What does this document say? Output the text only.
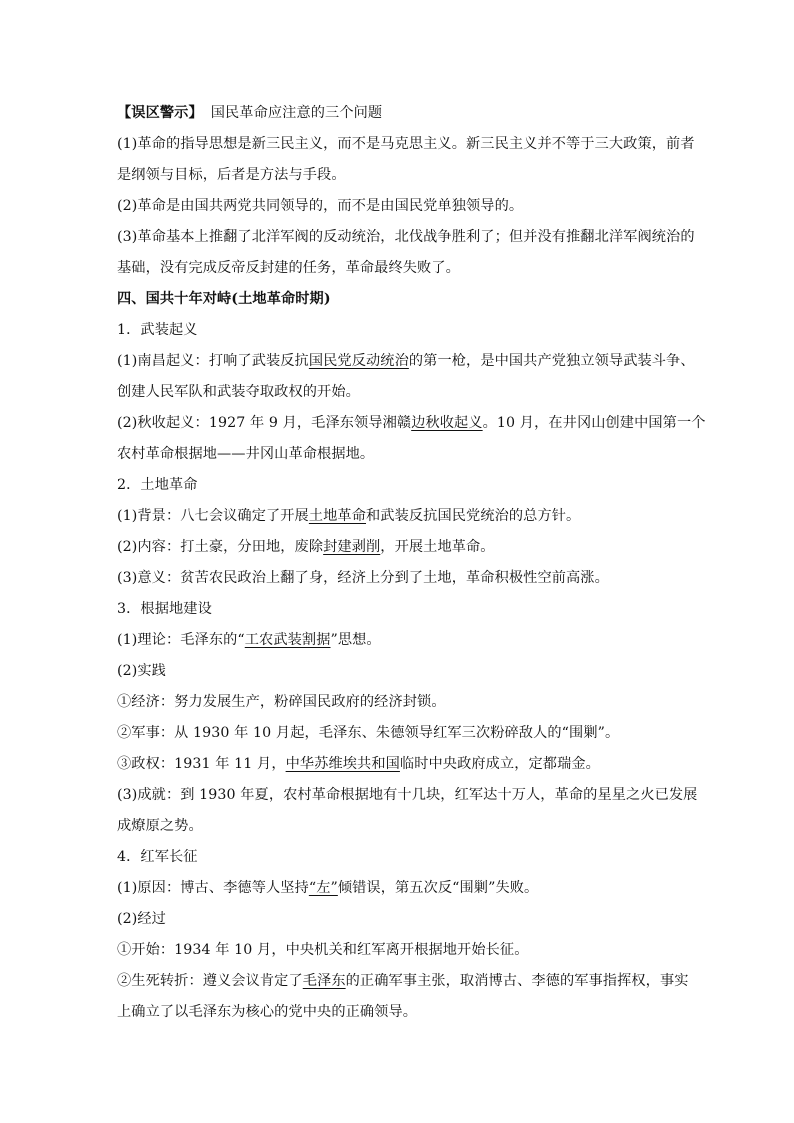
【误区警示】 国民革命应注意的三个问题
(1)革命的指导思想是新三民主义，而不是马克思主义。新三民主义并不等于三大政策，前者
是纲领与目标，后者是方法与手段。
(2)革命是由国共两党共同领导的，而不是由国民党单独领导的。
(3)革命基本上推翻了北洋军阀的反动统治，北伐战争胜利了；但并没有推翻北洋军阀统治的
基础，没有完成反帝反封建的任务，革命最终失败了。
四、国共十年对峙(土地革命时期)
1．武装起义
(1)南昌起义：打响了武装反抗国民党反动统治的第一枪，是中国共产党独立领导武装斗争、
创建人民军队和武装夺取政权的开始。
(2)秋收起义：1927 年 9 月，毛泽东领导湘赣边秋收起义。10 月，在井冈山创建中国第一个
农村革命根据地——井冈山革命根据地。
2．土地革命
(1)背景：八七会议确定了开展土地革命和武装反抗国民党统治的总方针。
(2)内容：打土豪，分田地，废除封建剥削，开展土地革命。
(3)意义：贫苦农民政治上翻了身，经济上分到了土地，革命积极性空前高涨。
3．根据地建设
(1)理论：毛泽东的“工农武装割据”思想。
(2)实践
①经济：努力发展生产，粉碎国民政府的经济封锁。
②军事：从 1930 年 10 月起，毛泽东、朱德领导红军三次粉碎敌人的“围剿”。
③政权：1931 年 11 月，中华苏维埃共和国临时中央政府成立，定都瑞金。
(3)成就：到 1930 年夏，农村革命根据地有十几块，红军达十万人，革命的星星之火已发展
成燎原之势。
4．红军长征
(1)原因：博古、李德等人坚持“左”倾错误，第五次反“围剿”失败。
(2)经过
①开始：1934 年 10 月，中央机关和红军离开根据地开始长征。
②生死转折：遵义会议肯定了毛泽东的正确军事主张，取消博古、李德的军事指挥权，事实
上确立了以毛泽东为核心的党中央的正确领导。
